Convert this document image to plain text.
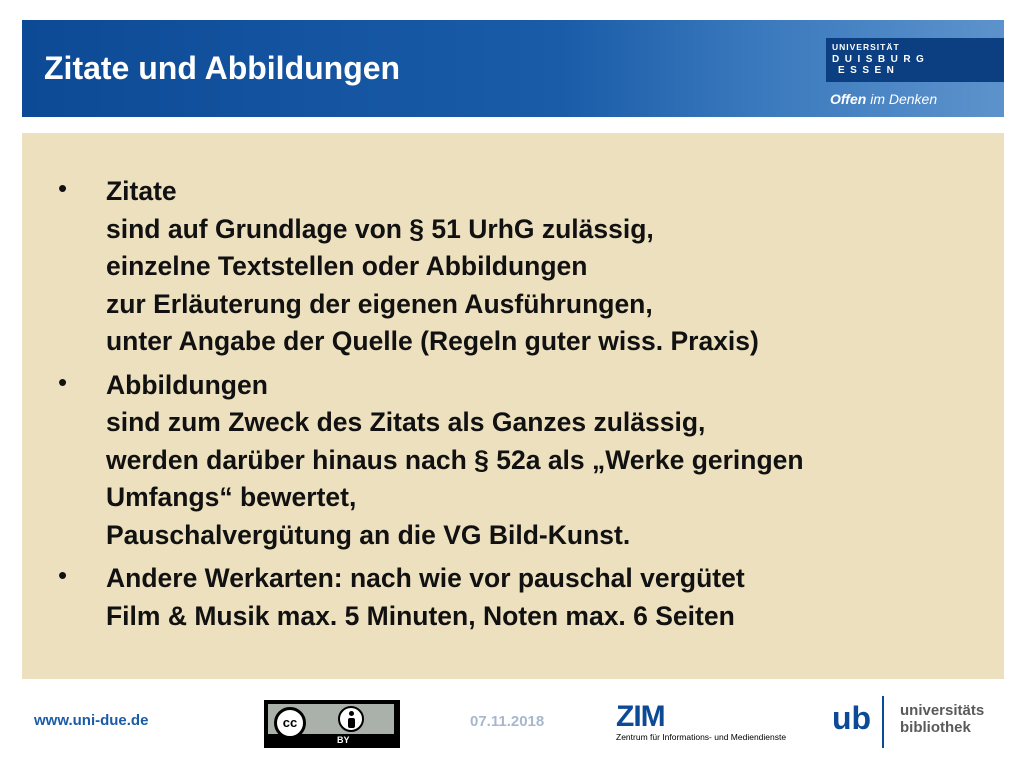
Zitate und Abbildungen
UNIVERSITÄT
DUISBURG
ESSEN
Offen im Denken
• Zitate
sind auf Grundlage von § 51 UrhG zulässig,
einzelne Textstellen oder Abbildungen
zur Erläuterung der eigenen Ausführungen,
unter Angabe der Quelle (Regeln guter wiss. Praxis)
• Abbildungen
sind zum Zweck des Zitats als Ganzes zulässig,
werden darüber hinaus nach § 52a als „Werke geringen
Umfangs“ bewertet,
Pauschalvergütung an die VG Bild-Kunst.
• Andere Werkarten: nach wie vor pauschal vergütet
Film & Musik max. 5 Minuten, Noten max. 6 Seiten
www.uni-due.de	cc
BY
07.11.2018 ZIM
Zentrum für Informations- und Mediendienste
ub universitäts
bibliothek
